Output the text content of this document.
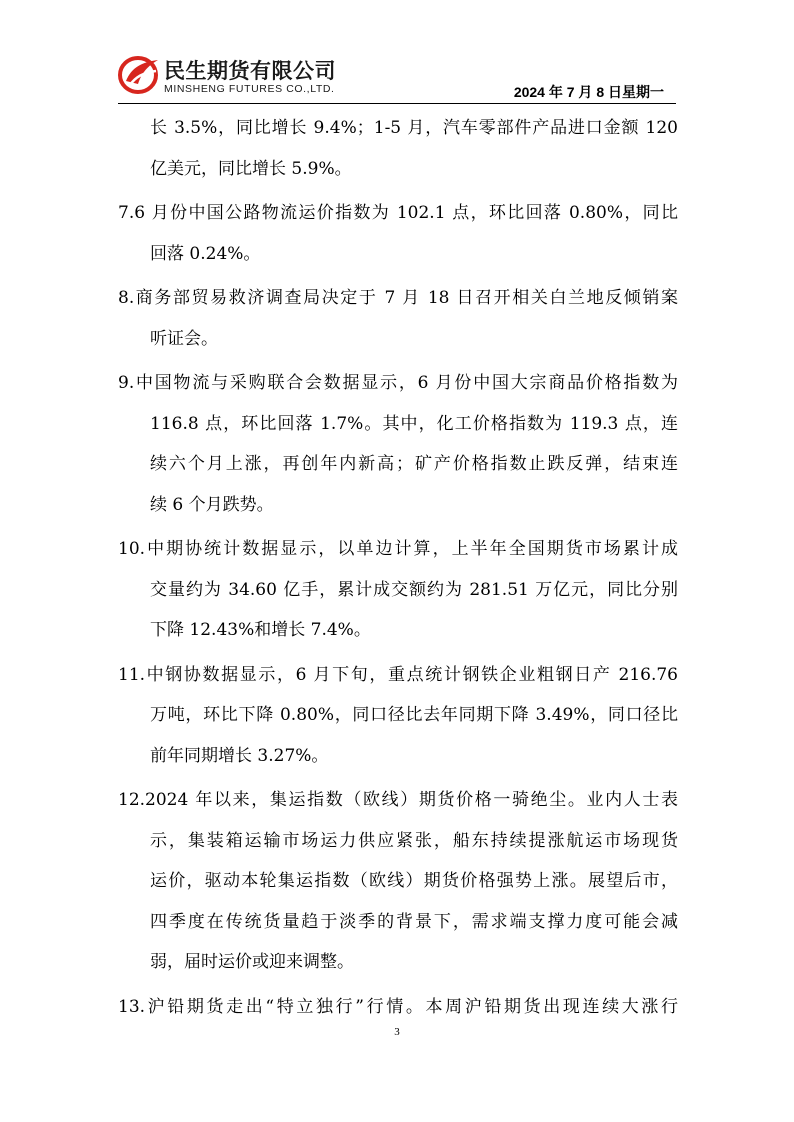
民生期货有限公司
MINSHENG FUTURES CO.,LTD.	2024 年 7 月 8 日星期一
长 3.5%，同比增长 9.4%；1-5 月，汽车零部件产品进口金额 120
亿美元，同比增长 5.9%。
7.6 月份中国公路物流运价指数为 102.1 点，环比回落 0.80%，同比
回落 0.24%。
8.商务部贸易救济调查局决定于 7 月 18 日召开相关白兰地反倾销案
听证会。
9.中国物流与采购联合会数据显示，6 月份中国大宗商品价格指数为
116.8 点，环比回落 1.7%。其中，化工价格指数为 119.3 点，连
续六个月上涨，再创年内新高；矿产价格指数止跌反弹，结束连
续 6 个月跌势。
10.中期协统计数据显示，以单边计算，上半年全国期货市场累计成
交量约为 34.60 亿手，累计成交额约为 281.51 万亿元，同比分别
下降 12.43%和增长 7.4%。
11.中钢协数据显示，6 月下旬，重点统计钢铁企业粗钢日产 216.76
万吨，环比下降 0.80%，同口径比去年同期下降 3.49%，同口径比
前年同期增长 3.27%。
12.2024 年以来，集运指数（欧线）期货价格一骑绝尘。业内人士表
示，集装箱运输市场运力供应紧张，船东持续提涨航运市场现货
运价，驱动本轮集运指数（欧线）期货价格强势上涨。展望后市，
四季度在传统货量趋于淡季的背景下，需求端支撑力度可能会减
弱，届时运价或迎来调整。
13.沪铅期货走出“特立独行”行情。本周沪铅期货出现连续大涨行
3
